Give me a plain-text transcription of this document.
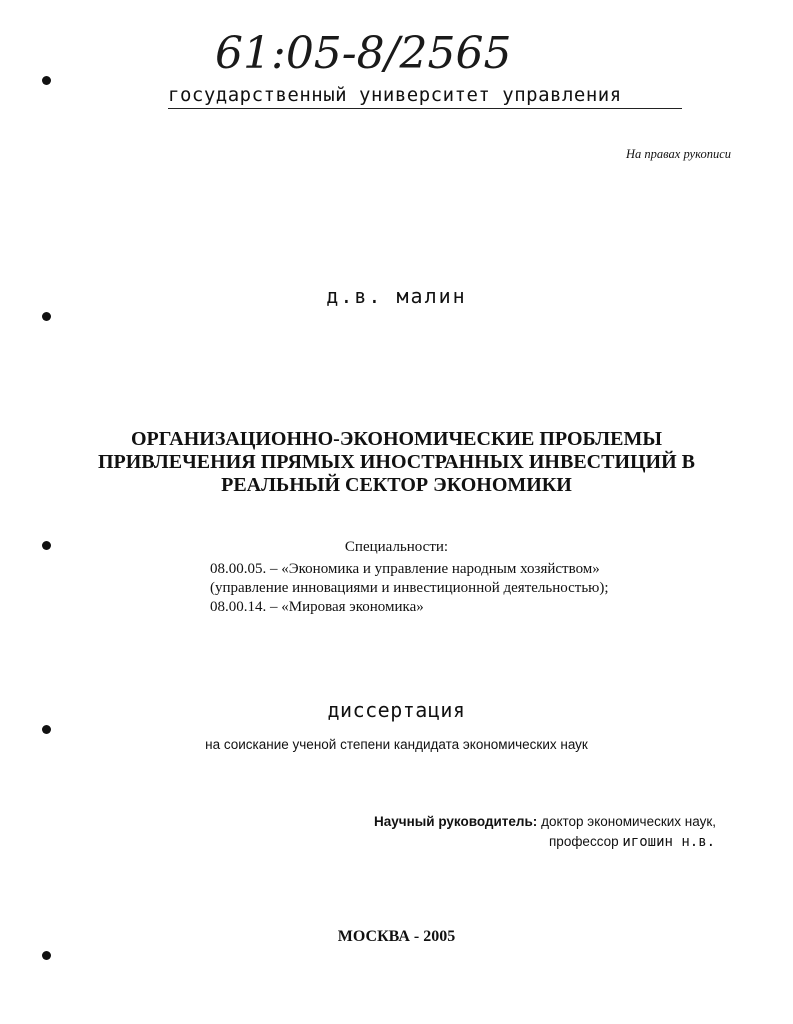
61:05-8/2565
государственный университет управления
На правах рукописи
д.в. малин
ОРГАНИЗАЦИОННО-ЭКОНОМИЧЕСКИЕ ПРОБЛЕМЫ
ПРИВЛЕЧЕНИЯ ПРЯМЫХ ИНОСТРАННЫХ ИНВЕСТИЦИЙ В
РЕАЛЬНЫЙ СЕКТОР ЭКОНОМИКИ
Специальности:
08.00.05. – «Экономика и управление народным хозяйством»
(управление инновациями и инвестиционной деятельностью);
08.00.14. – «Мировая экономика»
диссертация
на соискание ученой степени кандидата экономических наук
Научный руководитель: доктор экономических наук,
профессор игошин н.в.
МОСКВА - 2005
